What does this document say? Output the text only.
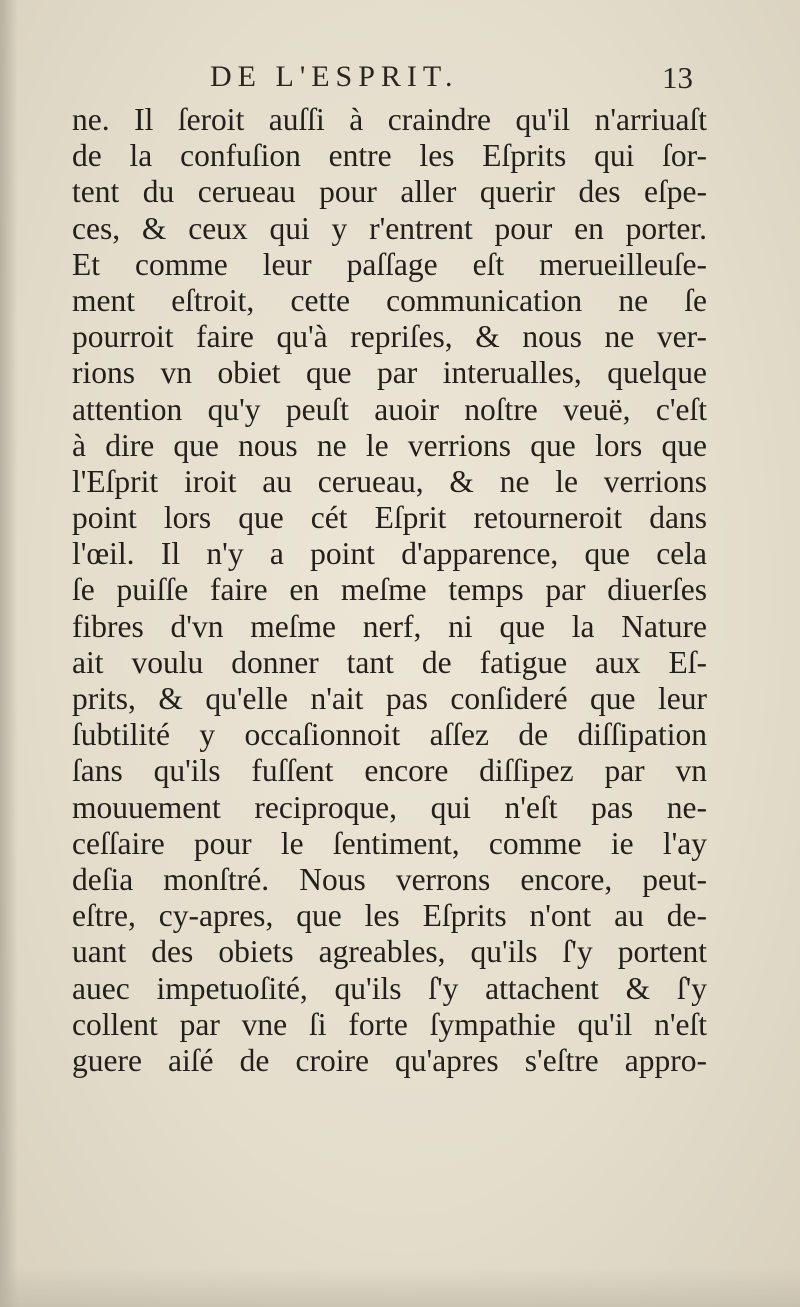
DE L'ESPRIT.	13
ne. Il ſeroit auſſi à craindre qu'il n'arriuaſt
de la confuſion entre les Eſprits qui ſor-
tent du cerueau pour aller querir des eſpe-
ces, & ceux qui y r'entrent pour en porter.
Et comme leur paſſage eſt merueilleuſe-
ment eſtroit, cette communication ne ſe
pourroit faire qu'à repriſes, & nous ne ver-
rions vn obiet que par interualles, quelque
attention qu'y peuſt auoir noſtre veuë, c'eſt
à dire que nous ne le verrions que lors que
l'Eſprit iroit au cerueau, & ne le verrions
point lors que cét Eſprit retourneroit dans
l'œil. Il n'y a point d'apparence, que cela
ſe puiſſe faire en meſme temps par diuerſes
fibres d'vn meſme nerf, ni que la Nature
ait voulu donner tant de fatigue aux Eſ-
prits, & qu'elle n'ait pas conſideré que leur
ſubtilité y occaſionnoit aſſez de diſſipation
ſans qu'ils fuſſent encore diſſipez par vn
mouuement reciproque, qui n'eſt pas ne-
ceſſaire pour le ſentiment, comme ie l'ay
deſia monſtré. Nous verrons encore, peut-
eſtre, cy-apres, que les Eſprits n'ont au de-
uant des obiets agreables, qu'ils ſ'y portent
auec impetuoſité, qu'ils ſ'y attachent & ſ'y
collent par vne ſi forte ſympathie qu'il n'eſt
guere aiſé de croire qu'apres s'eſtre appro-
